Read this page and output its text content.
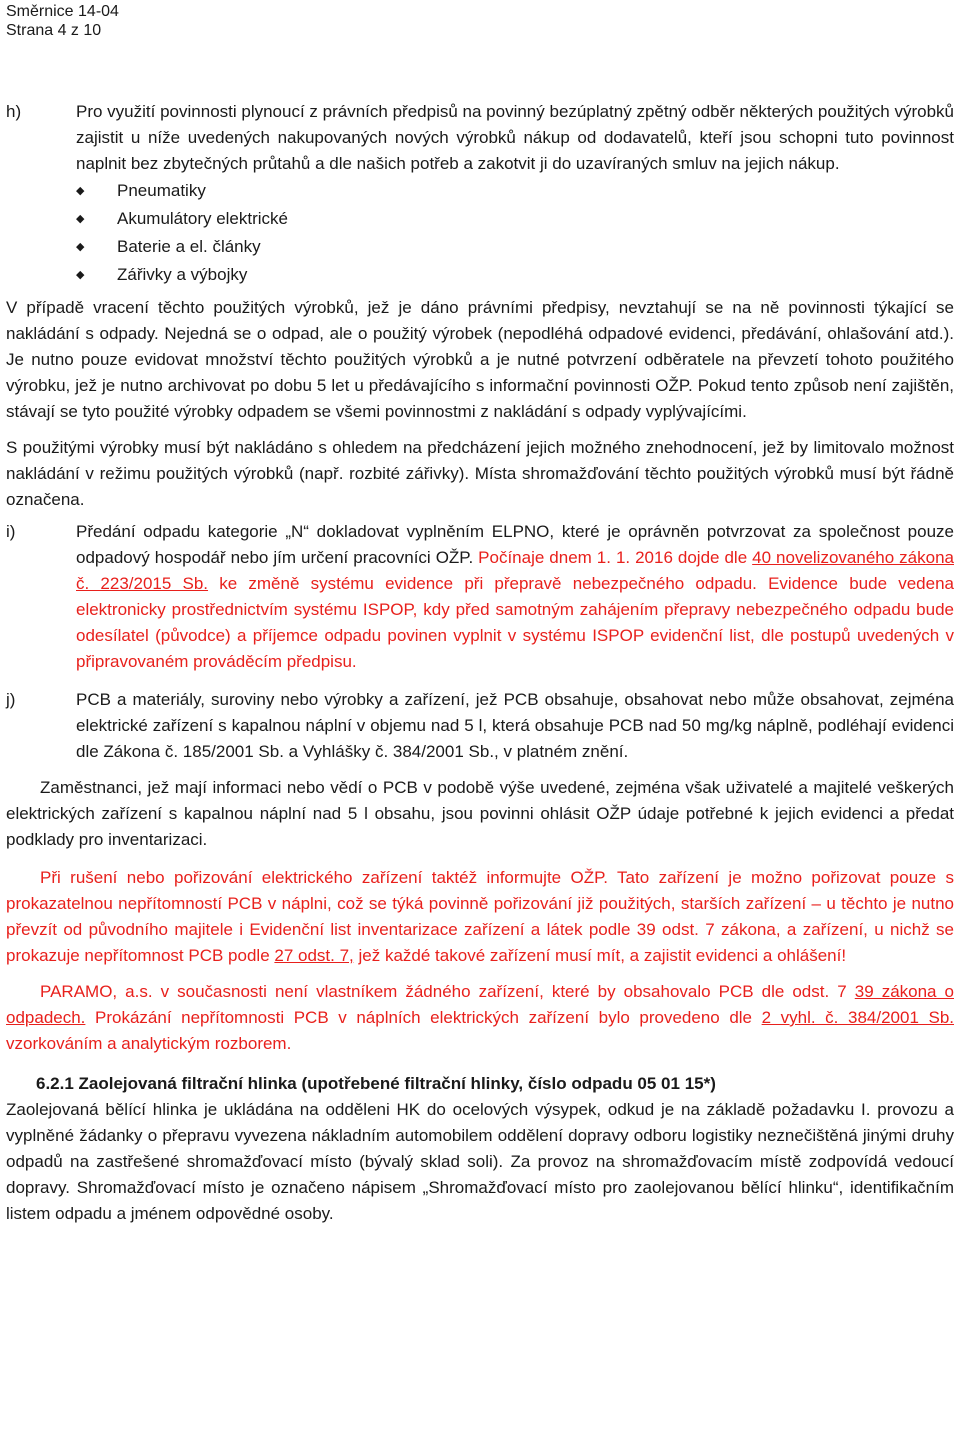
Směrnice 14-04
Strana 4 z 10
h)	Pro využití povinnosti plynoucí z právních předpisů na povinný bezúplatný zpětný odběr některých použitých výrobků zajistit u níže uvedených nakupovaných nových výrobků nákup od dodavatelů, kteří jsou schopni tuto povinnost naplnit bez zbytečných průtahů a dle našich potřeb a zakotvit ji do uzavíraných smluv na jejich nákup.
◆	Pneumatiky
◆	Akumulátory elektrické
◆	Baterie a el. články
◆	Zářivky a výbojky

V případě vracení těchto použitých výrobků, jež je dáno právními předpisy, nevztahují se na ně povinnosti týkající se nakládání s odpady. Nejedná se o odpad, ale o použitý výrobek (nepodléhá odpadové evidenci, předávání, ohlašování atd.). Je nutno pouze evidovat množství těchto použitých výrobků a je nutné potvrzení odběratele na převzetí tohoto použitého výrobku, jež je nutno archivovat po dobu 5 let u předávajícího s informační povinnosti OŽP. Pokud tento způsob není zajištěn, stávají se tyto použité výrobky odpadem se všemi povinnostmi z nakládání s odpady vyplývajícími.

S použitými výrobky musí být nakládáno s ohledem na předcházení jejich možného znehodnocení, jež by limitovalo možnost nakládání v režimu použitých výrobků (např. rozbité zářivky). Místa shromažďování těchto použitých výrobků musí být řádně označena.

i)	Předání odpadu kategorie „N“ dokladovat vyplněním ELPNO, které je oprávněn potvrzovat za společnost pouze odpadový hospodář nebo jím určení pracovníci OŽP. Počínaje dnem 1. 1. 2016 dojde dle 40 novelizovaného zákona č. 223/2015 Sb. ke změně systému evidence při přepravě nebezpečného odpadu. Evidence bude vedena elektronicky prostřednictvím systému ISPOP, kdy před samotným zahájením přepravy nebezpečného odpadu bude odesílatel (původce) a příjemce odpadu povinen vyplnit v systému ISPOP evidenční list, dle postupů uvedených v připravovaném prováděcím předpisu.
j)	PCB a materiály, suroviny nebo výrobky a zařízení, jež PCB obsahuje, obsahovat nebo může obsahovat, zejména elektrické zařízení s kapalnou náplní v objemu nad 5 l, která obsahuje PCB nad 50 mg/kg náplně, podléhají evidenci dle Zákona č. 185/2001 Sb. a Vyhlášky č. 384/2001 Sb., v platném znění.

Zaměstnanci, jež mají informaci nebo vědí o PCB v podobě výše uvedené, zejména však uživatelé a majitelé veškerých elektrických zařízení s kapalnou náplní nad 5 l obsahu, jsou povinni ohlásit OŽP údaje potřebné k jejich evidenci a předat podklady pro inventarizaci.

Při rušení nebo pořizování elektrického zařízení taktéž informujte OŽP. Tato zařízení je možno pořizovat pouze s prokazatelnou nepřítomností PCB v náplni, což se týká povinně pořizování již použitých, starších zařízení – u těchto je nutno převzít od původního majitele i Evidenční list inventarizace zařízení a látek podle 39 odst. 7 zákona, a zařízení, u nichž se prokazuje nepřítomnost PCB podle 27 odst. 7, jež každé takové zařízení musí mít, a zajistit evidenci a ohlášení!

PARAMO, a.s. v současnosti není vlastníkem žádného zařízení, které by obsahovalo PCB dle odst. 7 39 zákona o odpadech. Prokázání nepřítomnosti PCB v náplních elektrických zařízení bylo provedeno dle 2 vyhl. č. 384/2001 Sb. vzorkováním a analytickým rozborem.

6.2.1 Zaolejovaná filtrační hlinka (upotřebené filtrační hlinky, číslo odpadu 05 01 15*)

Zaolejovaná bělící hlinka je ukládána na odděleni HK do ocelových výsypek, odkud je na základě požadavku I. provozu a vyplněné žádanky o přepravu vyvezena nákladním automobilem oddělení dopravy odboru logistiky neznečištěná jinými druhy odpadů na zastřešené shromažďovací místo (bývalý sklad soli). Za provoz na shromažďovacím místě zodpovídá vedoucí dopravy. Shromažďovací místo je označeno nápisem „Shromažďovací místo pro zaolejovanou bělící hlinku“, identifikačním listem odpadu a jménem odpovědné osoby.
